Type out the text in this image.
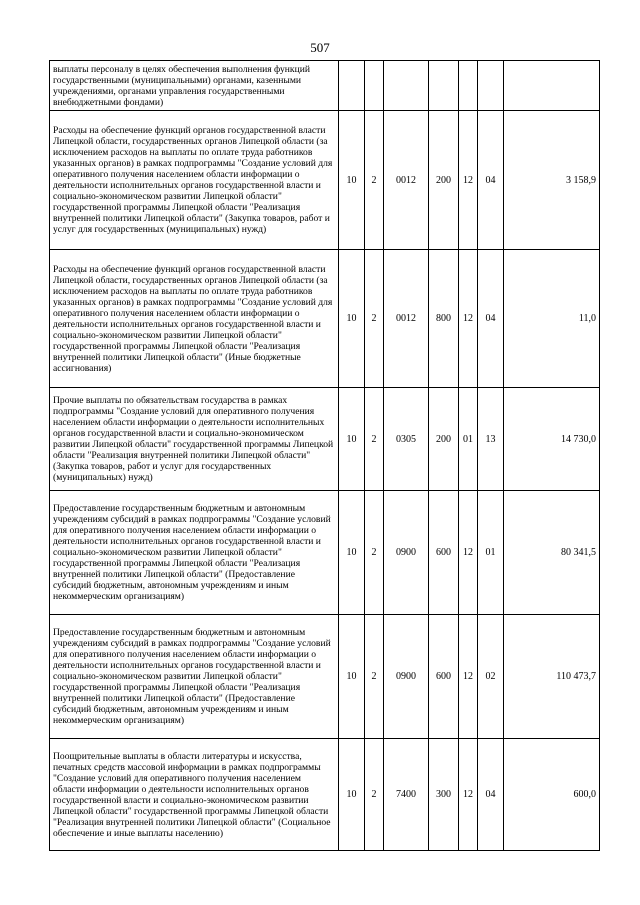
507
выплаты персоналу в целях обеспечения выполнения функций государственными (муниципальными) органами, казенными учреждениями, органами управления государственными внебюджетными фондами)							
Расходы на обеспечение функций органов государственной власти Липецкой области, государственных органов Липецкой области (за исключением расходов на выплаты по оплате труда работников указанных органов) в рамках подпрограммы "Создание условий для оперативного получения населением области информации о деятельности исполнительных органов государственной власти и социально-экономическом развитии Липецкой области" государственной программы Липецкой области "Реализация внутренней политики Липецкой области" (Закупка товаров, работ и услуг для государственных (муниципальных) нужд)	10	2	0012	200	12	04	3 158,9
Расходы на обеспечение функций органов государственной власти Липецкой области, государственных органов Липецкой области (за исключением расходов на выплаты по оплате труда работников указанных органов) в рамках подпрограммы "Создание условий для оперативного получения населением области информации о деятельности исполнительных органов государственной власти и социально-экономическом развитии Липецкой области" государственной программы Липецкой области "Реализация внутренней политики Липецкой области" (Иные бюджетные ассигнования)	10	2	0012	800	12	04	11,0
Прочие выплаты по обязательствам государства в рамках подпрограммы "Создание условий для оперативного получения населением области информации о деятельности исполнительных органов государственной власти и социально-экономическом развитии Липецкой области" государственной программы Липецкой области "Реализация внутренней политики Липецкой области" (Закупка товаров, работ и услуг для государственных (муниципальных) нужд)	10	2	0305	200	01	13	14 730,0
Предоставление государственным бюджетным и автономным учреждениям субсидий в рамках подпрограммы "Создание условий для оперативного получения населением области информации о деятельности исполнительных органов государственной власти и социально-экономическом развитии Липецкой области" государственной программы Липецкой области "Реализация внутренней политики Липецкой области" (Предоставление субсидий бюджетным, автономным учреждениям и иным некоммерческим организациям)	10	2	0900	600	12	01	80 341,5
Предоставление государственным бюджетным и автономным учреждениям субсидий в рамках подпрограммы "Создание условий для оперативного получения населением области информации о деятельности исполнительных органов государственной власти и социально-экономическом развитии Липецкой области" государственной программы Липецкой области "Реализация внутренней политики Липецкой области" (Предоставление субсидий бюджетным, автономным учреждениям и иным некоммерческим организациям)	10	2	0900	600	12	02	110 473,7
Поощрительные выплаты в области литературы и искусства, печатных средств массовой информации в рамках подпрограммы "Создание условий для оперативного получения населением области информации о деятельности исполнительных органов государственной власти и социально-экономическом развитии Липецкой области" государственной программы Липецкой области "Реализация внутренней политики Липецкой области" (Социальное обеспечение и иные выплаты населению)	10	2	7400	300	12	04	600,0
